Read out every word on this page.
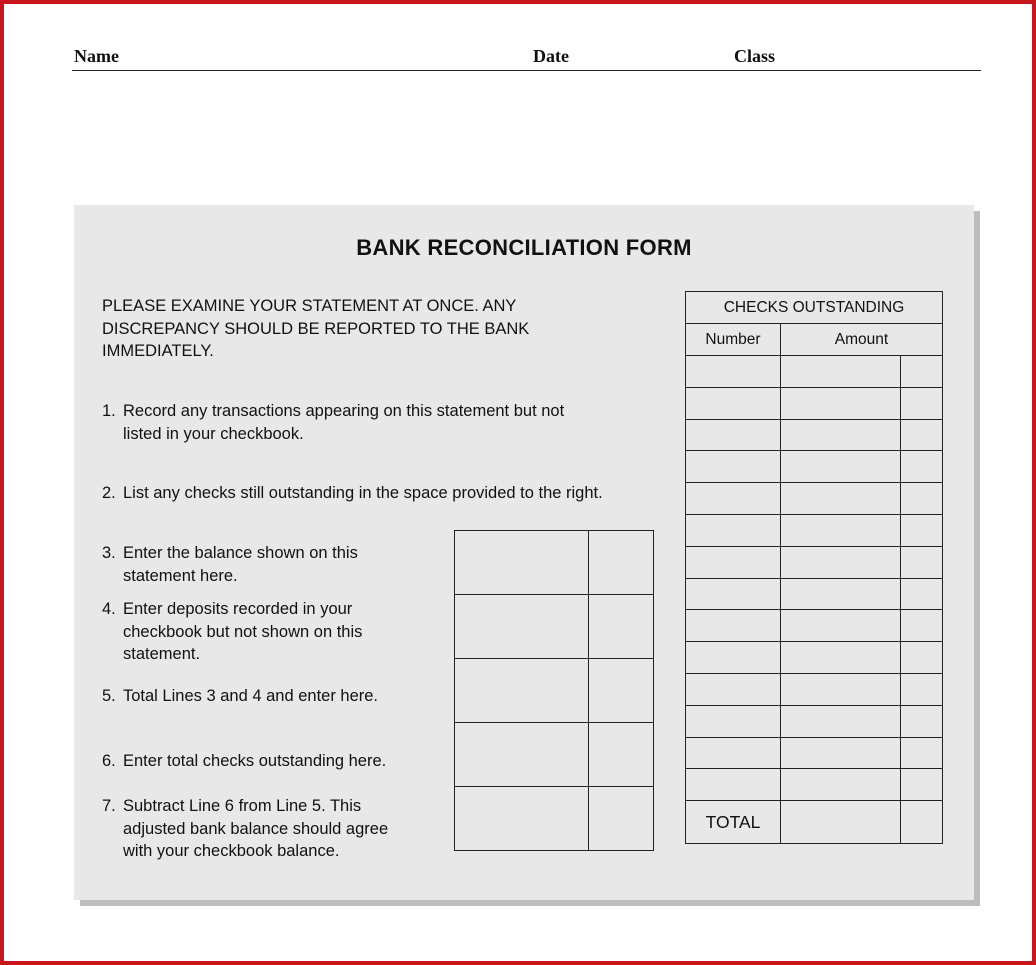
Name	Date	Class
BANK RECONCILIATION FORM
PLEASE EXAMINE YOUR STATEMENT AT ONCE. ANY
DISCREPANCY SHOULD BE REPORTED TO THE BANK
IMMEDIATELY.
1. Record any transactions appearing on this statement but not
listed in your checkbook.
2. List any checks still outstanding in the space provided to the right.
3. Enter the balance shown on this
statement here.
4. Enter deposits recorded in your
checkbook but not shown on this
statement.
5. Total Lines 3 and 4 and enter here.
6. Enter total checks outstanding here.
7. Subtract Line 6 from Line 5. This
adjusted bank balance should agree
with your checkbook balance.

CHECKS OUTSTANDING		
Number	Amount	

TOTAL		
